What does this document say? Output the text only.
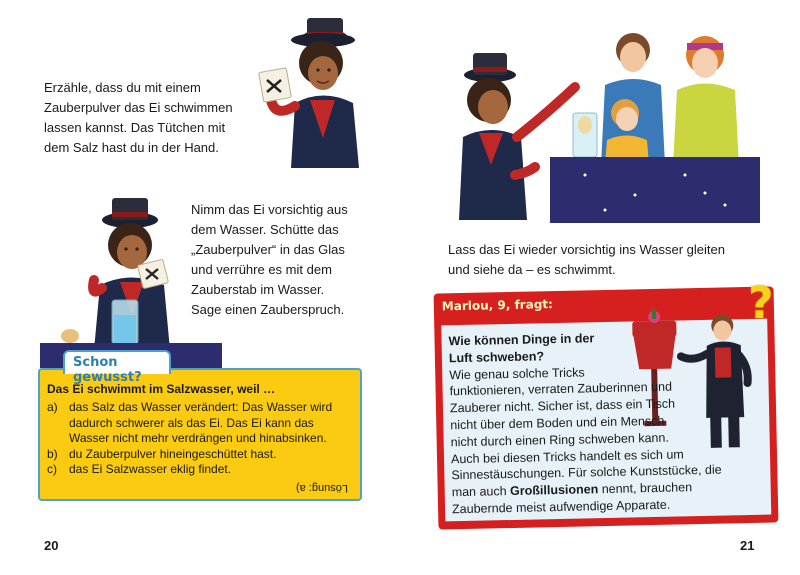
Erzähle, dass du mit einem
Zauberpulver das Ei schwimmen
lassen kannst. Das Tütchen mit
dem Salz hast du in der Hand.
Nimm das Ei vorsichtig aus
dem Wasser. Schütte das
„Zauberpulver“ in das Glas
und verrühre es mit dem
Zauberstab im Wasser.
Sage einen Zauberspruch.
Schon gewusst?
Das Ei schwimmt im Salzwasser, weil …
a) das Salz das Wasser verändert: Das Wasser wird
dadurch schwerer als das Ei. Das Ei kann das
Wasser nicht mehr verdrängen und hinabsinken.
b) du Zauberpulver hineingeschüttet hast.
c)	das Ei Salzwasser eklig findet.
Lösung: a)
20
Lass das Ei wieder vorsichtig ins Wasser gleiten
und siehe da – es schwimmt.
Marlou, 9, fragt:
Wie können Dinge in der
Luft schweben?
Wie genau solche Tricks
funktionieren, verraten Zauberinnen und
Zauberer nicht. Sicher ist, dass ein Tisch
nicht über dem Boden und ein Mensch
nicht durch einen Ring schweben kann.
Auch bei diesen Tricks handelt es sich um
Sinnestäuschungen. Für solche Kunststücke, die
man auch Großillusionen nennt, brauchen
Zaubernde meist aufwendige Apparate.
?
21
